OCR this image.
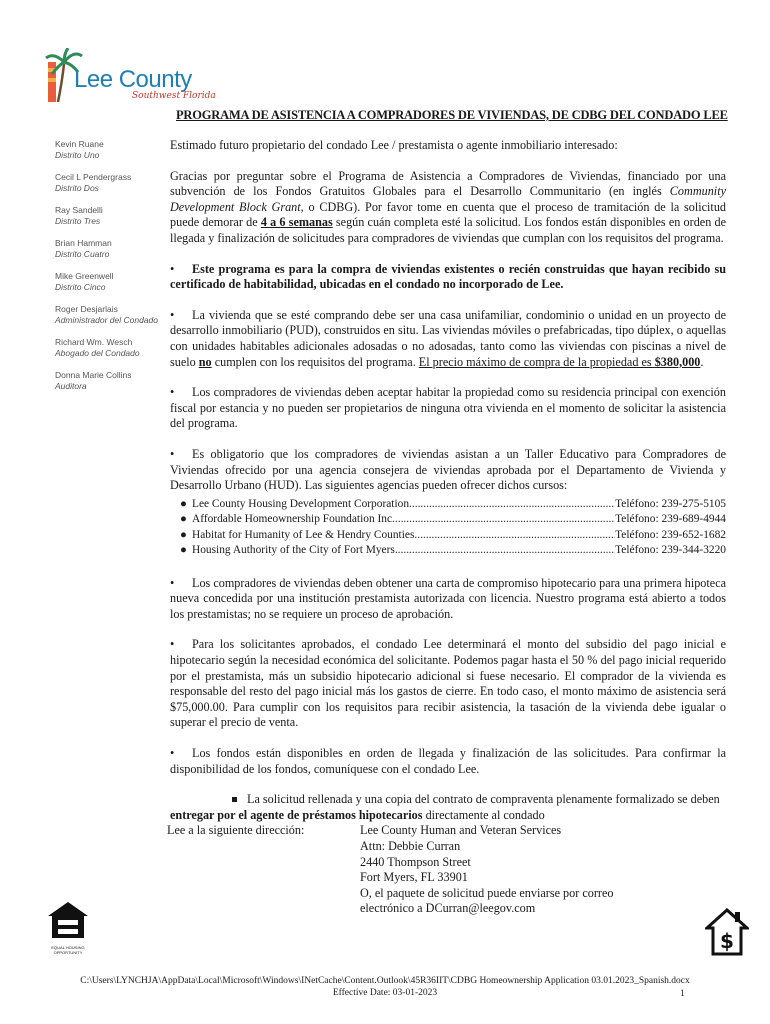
Lee County
Southwest Florida
PROGRAMA DE ASISTENCIA A COMPRADORES DE VIVIENDAS, DE CDBG DEL CONDADO LEE
Kevin Ruane
Distrito Uno
Cecil L Pendergrass
Distrito Dos
Ray Sandelli
Distrito Tres
Brian Hamman
Distrito Cuatro
Mike Greenwell
Distrito Cinco
Roger Desjarlais
Administrador del Condado
Richard Wm. Wesch
Abogado del Condado
Donna Marie Collins
Auditora

Estimado futuro propietario del condado Lee / prestamista o agente inmobiliario interesado:

Gracias por preguntar sobre el Programa de Asistencia a Compradores de Viviendas, financiado por una subvención de los Fondos Gratuitos Globales para el Desarrollo Communitario (en inglés Community Development Block Grant, o CDBG). Por favor tome en cuenta que el proceso de tramitación de la solicitud puede demorar de 4 a 6 semanas según cuán completa esté la solicitud. Los fondos están disponibles en orden de llegada y finalización de solicitudes para compradores de viviendas que cumplan con los requisitos del programa.

• Este programa es para la compra de viviendas existentes o recién construidas que hayan recibido su certificado de habitabilidad, ubicadas en el condado no incorporado de Lee.

• La vivienda que se esté comprando debe ser una casa unifamiliar, condominio o unidad en un proyecto de desarrollo inmobiliario (PUD), construidos en situ. Las viviendas móviles o prefabricadas, tipo dúplex, o aquellas con unidades habitables adicionales adosadas o no adosadas, tanto como las viviendas con piscinas a nivel de suelo no cumplen con los requisitos del programa. El precio máximo de compra de la propiedad es $380,000.

• Los compradores de viviendas deben aceptar habitar la propiedad como su residencia principal con exención fiscal por estancia y no pueden ser propietarios de ninguna otra vivienda en el momento de solicitar la asistencia del programa.

• Es obligatorio que los compradores de viviendas asistan a un Taller Educativo para Compradores de Viviendas ofrecido por una agencia consejera de viviendas aprobada por el Departamento de Vivienda y Desarrollo Urbano (HUD). Las siguientes agencias pueden ofrecer dichos cursos:

● Lee County Housing Development Corporation .....	Teléfono: 239-275-5105
● Affordable Homeownership Foundation Inc. .....	Teléfono: 239-689-4944
● Habitat for Humanity of Lee & Hendry Counties .....	Teléfono: 239-652-1682
● Housing Authority of the City of Fort Myers .....	Teléfono: 239-344-3220

• Los compradores de viviendas deben obtener una carta de compromiso hipotecario para una primera hipoteca nueva concedida por una institución prestamista autorizada con licencia. Nuestro programa está abierto a todos los prestamistas; no se requiere un proceso de aprobación.

• Para los solicitantes aprobados, el condado Lee determinará el monto del subsidio del pago inicial e hipotecario según la necesidad económica del solicitante. Podemos pagar hasta el 50 % del pago inicial requerido por el prestamista, más un subsidio hipotecario adicional si fuese necesario. El comprador de la vivienda es responsable del resto del pago inicial más los gastos de cierre. En todo caso, el monto máximo de asistencia será $75,000.00. Para cumplir con los requisitos para recibir asistencia, la tasación de la vivienda debe igualar o superar el precio de venta.

• Los fondos están disponibles en orden de llegada y finalización de las solicitudes. Para confirmar la disponibilidad de los fondos, comuníquese con el condado Lee.

La solicitud rellenada y una copia del contrato de compraventa plenamente formalizado se deben entregar por el agente de préstamos hipotecarios directamente al condado

Lee a la siguiente dirección:	Lee County Human and Veteran Services
Attn: Debbie Curran
2440 Thompson Street
Fort Myers, FL 33901
O, el paquete de solicitud puede enviarse por correo
electrónico a DCurran@leegov.com
EQUAL HOUSING OPPORTUNITY	$
C:\Users\LYNCHJA\AppData\Local\Microsoft\Windows\INetCache\Content.Outlook\45R36IIT\CDBG Homeownership Application 03.01.2023_Spanish.docx
Effective Date: 03-01-2023	1
